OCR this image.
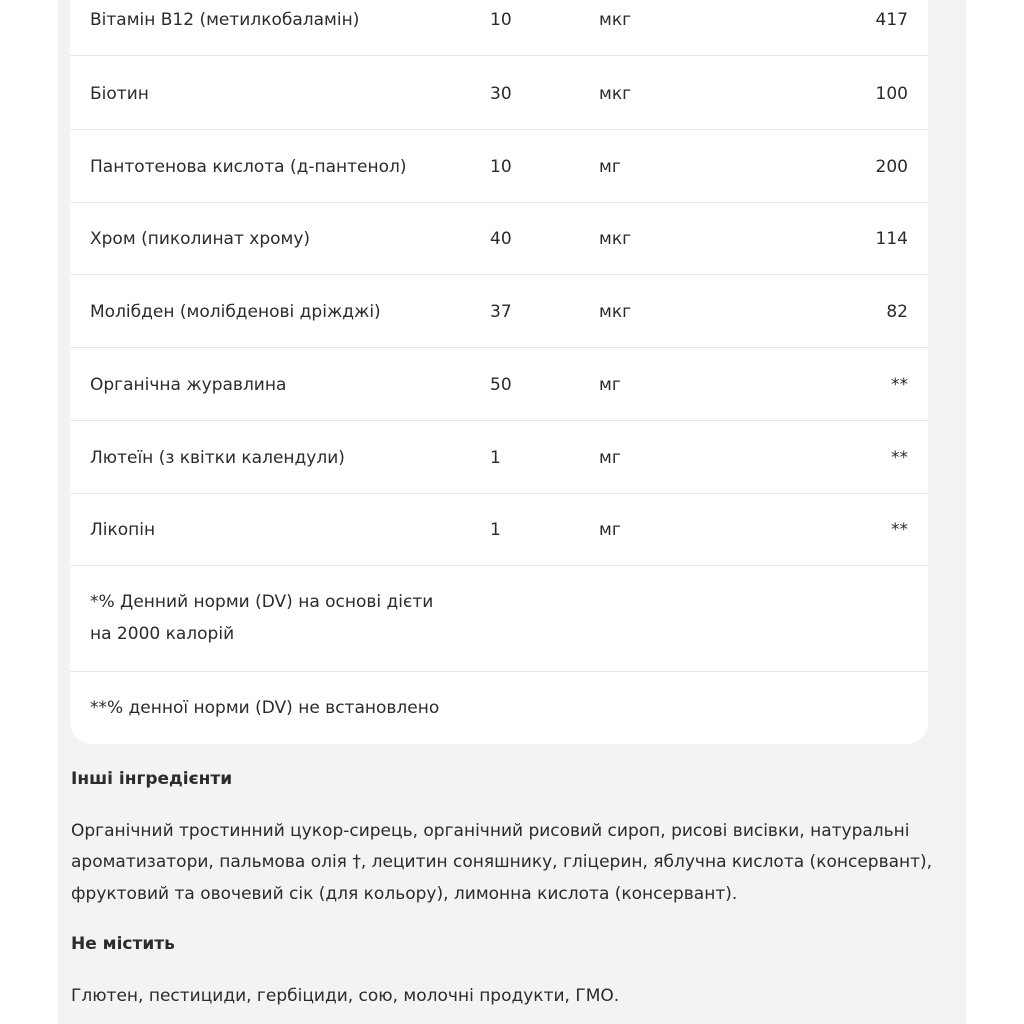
Вітамін B12 (метилкобаламін)	10	мкг	417
Біотин	30	мкг	100
Пантотенова кислота (д-пантенол)	10	мг	200
Хром (пиколинат хрому)	40	мкг	114
Молібден (молібденові дріжджі)	37	мкг	82
Органічна журавлина	50	мг	**
Лютеїн (з квітки календули)	1	мг	**
Лікопін	1	мг	**
*% Денний норми (DV) на основі дієти
на 2000 калорій
**% денної норми (DV) не встановлено
Інші інгредієнти
Органічний тростинний цукор-сирець, органічний рисовий сироп, рисові висівки, натуральні
ароматизатори, пальмова олія †, лецитин соняшнику, гліцерин, яблучна кислота (консервант),
фруктовий та овочевий сік (для кольору), лимонна кислота (консервант).
Не містить
Глютен, пестициди, гербіциди, сою, молочні продукти, ГМО.
